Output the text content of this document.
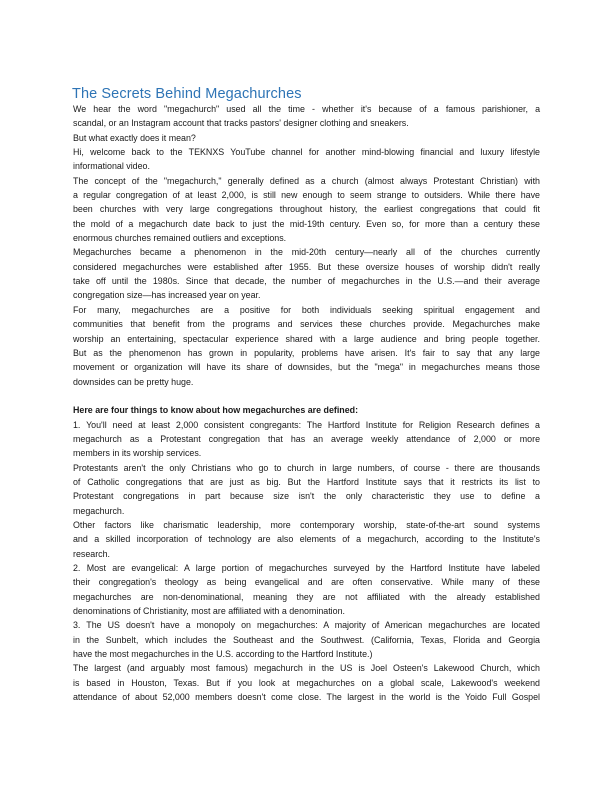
The Secrets Behind Megachurches
We hear the word "megachurch" used all the time - whether it's because of a famous parishioner, a
scandal, or an Instagram account that tracks pastors' designer clothing and sneakers.
But what exactly does it mean?
Hi, welcome back to the TEKNXS YouTube channel for another mind-blowing financial and luxury lifestyle
informational video.
The concept of the "megachurch," generally defined as a church (almost always Protestant Christian) with
a regular congregation of at least 2,000, is still new enough to seem strange to outsiders. While there have
been churches with very large congregations throughout history, the earliest congregations that could fit
the mold of a megachurch date back to just the mid-19th century. Even so, for more than a century these
enormous churches remained outliers and exceptions.
Megachurches became a phenomenon in the mid-20th century—nearly all of the churches currently
considered megachurches were established after 1955. But these oversize houses of worship didn't really
take off until the 1980s. Since that decade, the number of megachurches in the U.S.—and their average
congregation size—has increased year on year.
For many, megachurches are a positive for both individuals seeking spiritual engagement and
communities that benefit from the programs and services these churches provide. Megachurches make
worship an entertaining, spectacular experience shared with a large audience and bring people together.
But as the phenomenon has grown in popularity, problems have arisen. It's fair to say that any large
movement or organization will have its share of downsides, but the "mega" in megachurches means those
downsides can be pretty huge.
Here are four things to know about how megachurches are defined:
1. You'll need at least 2,000 consistent congregants: The Hartford Institute for Religion Research defines a
megachurch as a Protestant congregation that has an average weekly attendance of 2,000 or more
members in its worship services.
Protestants aren't the only Christians who go to church in large numbers, of course - there are thousands
of Catholic congregations that are just as big. But the Hartford Institute says that it restricts its list to
Protestant congregations in part because size isn't the only characteristic they use to define a
megachurch.
Other factors like charismatic leadership, more contemporary worship, state-of-the-art sound systems
and a skilled incorporation of technology are also elements of a megachurch, according to the Institute's
research.
2. Most are evangelical: A large portion of megachurches surveyed by the Hartford Institute have labeled
their congregation's theology as being evangelical and are often conservative. While many of these
megachurches are non-denominational, meaning they are not affiliated with the already established
denominations of Christianity, most are affiliated with a denomination.
3. The US doesn't have a monopoly on megachurches: A majority of American megachurches are located
in the Sunbelt, which includes the Southeast and the Southwest. (California, Texas, Florida and Georgia
have the most megachurches in the U.S. according to the Hartford Institute.)
The largest (and arguably most famous) megachurch in the US is Joel Osteen's Lakewood Church, which
is based in Houston, Texas. But if you look at megachurches on a global scale, Lakewood's weekend
attendance of about 52,000 members doesn't come close. The largest in the world is the Yoido Full Gospel
